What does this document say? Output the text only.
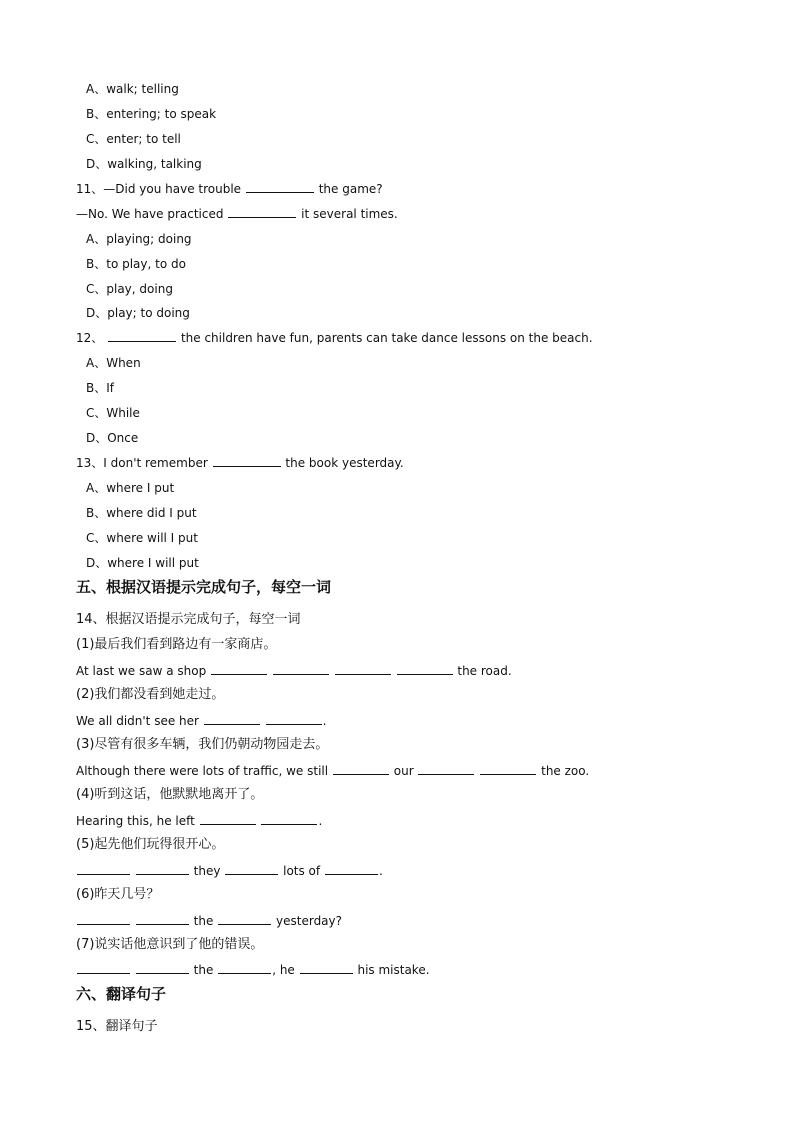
A、walk; telling
B、entering; to speak
C、enter; to tell
D、walking, talking
11、—Did you have trouble	the game?
—No. We have practiced	it several times.
A、playing; doing
B、to play, to do
C、play, doing
D、play; to doing
12、	the children have fun, parents can take dance lessons on the beach.
A、When
B、If
C、While
D、Once
13、I don't remember	the book yesterday.
A、where I put
B、where did I put
C、where will I put
D、where I will put
五、根据汉语提示完成句子，每空一词
14、根据汉语提示完成句子，每空一词
(1)最后我们看到路边有一家商店。
At last we saw a shop	the road.
(2)我们都没看到她走过。
We all didn't see her	.
(3)尽管有很多车辆，我们仍朝动物园走去。
Although there were lots of traffic, we still	our	the zoo.
(4)听到这话，他默默地离开了。
Hearing this, he left	.
(5)起先他们玩得很开心。
they	lots of	.
(6)昨天几号？
the	yesterday?
(7)说实话他意识到了他的错误。
the	, he	his mistake.
六、翻译句子
15、翻译句子
